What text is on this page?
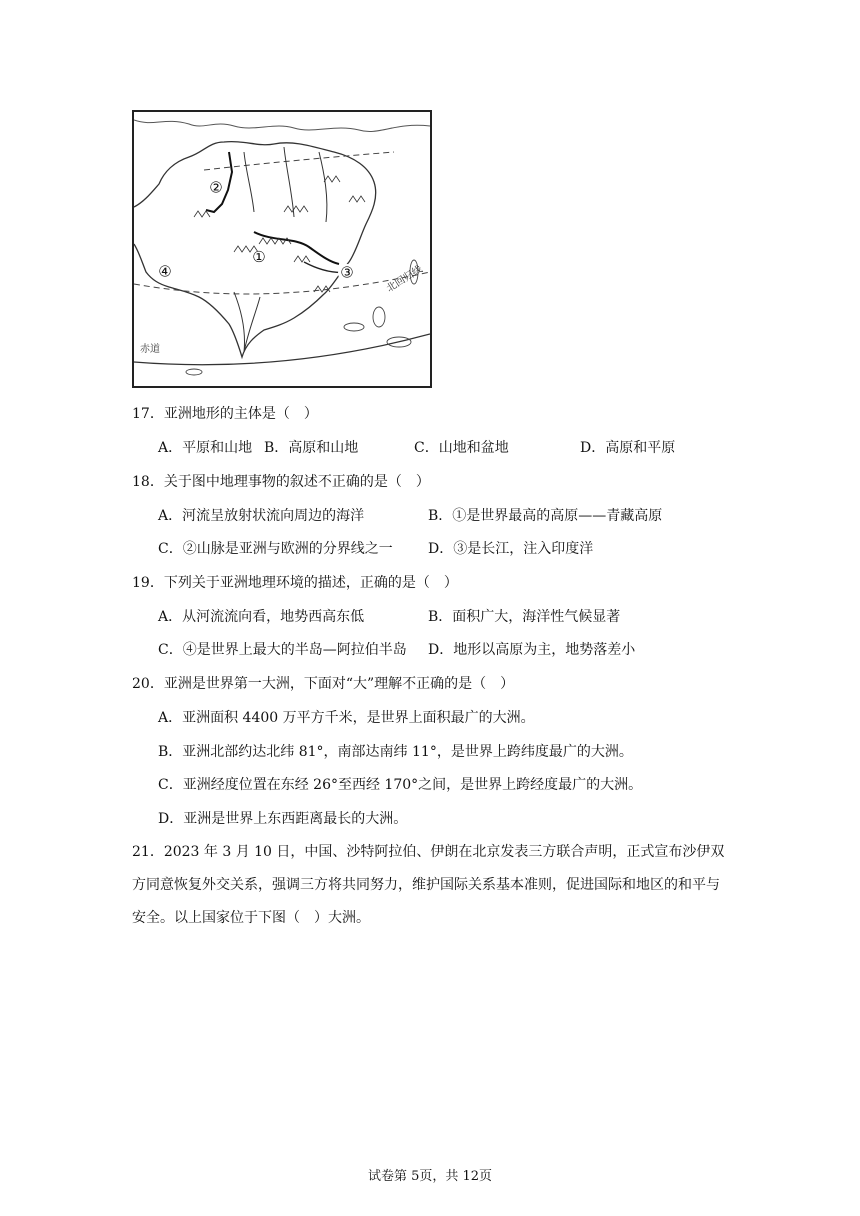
②
④	③
①
北回归线
赤道
17．亚洲地形的主体是（　）
A．平原和山地 B．高原和山地	C．山地和盆地	D．高原和平原
18．关于图中地理事物的叙述不正确的是（　）
A．河流呈放射状流向周边的海洋	B．①是世界最高的高原——青藏高原
C．②山脉是亚洲与欧洲的分界线之一	D．③是长江，注入印度洋
19．下列关于亚洲地理环境的描述，正确的是（　）
A．从河流流向看，地势西高东低	B．面积广大，海洋性气候显著
C．④是世界上最大的半岛—阿拉伯半岛 D．地形以高原为主，地势落差小
20．亚洲是世界第一大洲，下面对“大”理解不正确的是（　）
A．亚洲面积 4400 万平方千米，是世界上面积最广的大洲。
B．亚洲北部约达北纬 81°，南部达南纬 11°，是世界上跨纬度最广的大洲。
C．亚洲经度位置在东经 26°至西经 170°之间，是世界上跨经度最广的大洲。
D．亚洲是世界上东西距离最长的大洲。
21．2023 年 3 月 10 日，中国、沙特阿拉伯、伊朗在北京发表三方联合声明，正式宣布沙伊双方同意恢复外交关系，强调三方将共同努力，维护国际关系基本准则，促进国际和地区的和平与安全。以上国家位于下图（　）大洲。
试卷第 5页，共 12页
